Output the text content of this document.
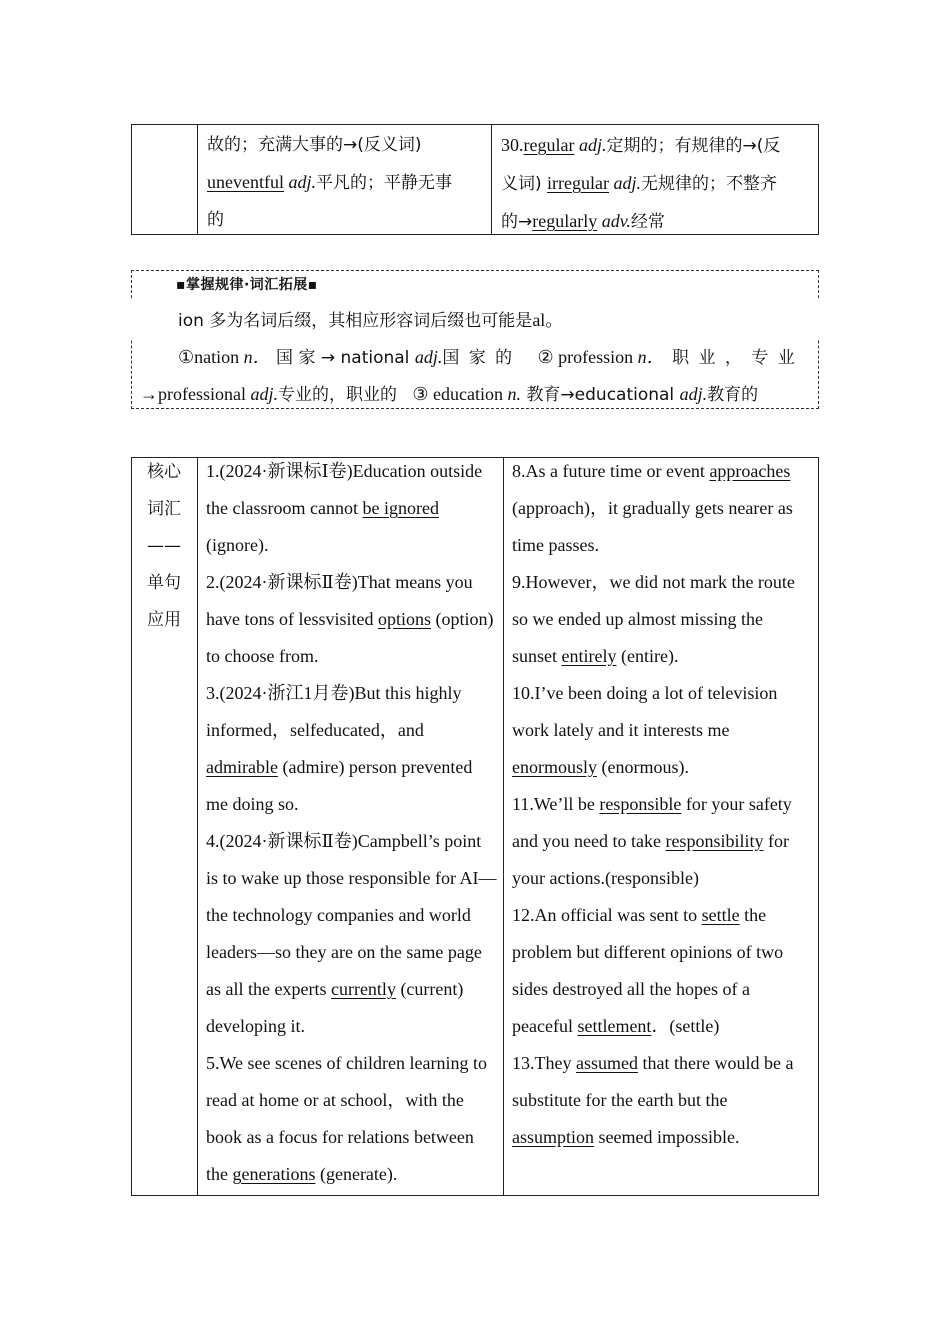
故的；充满大事的→(反义词)
uneventful adj.平凡的；平静无事
的
30.regular adj.定期的；有规律的→(反
义词) irregular adj.无规律的；不整齐
的→regularly adv.经常
▪掌握规律·词汇拓展▪
ion 多为名词后缀，其相应形容词后缀也可能是al。
①nation n． 国 家 → national adj.国 家 的 ② profession n． 职 业 ， 专 业
→professional adj.专业的，职业的 ③ education n. 教育→educational adj.教育的
核心
词汇
——
单句
应用

1.(2024·新课标Ⅰ卷)Education outside the classroom cannot be ignored (ignore).

2.(2024·新课标Ⅱ卷)That means you have tons of lessvisited options (option) to choose from.

3.(2024·浙江1月卷)But this highly informed，selfeducated，and admirable (admire) person prevented me doing so.

4.(2024·新课标Ⅱ卷)Campbell’s point is to wake up those responsible for AI—the technology companies and world leaders—so they are on the same page as all the experts currently (current) developing it.

5.We see scenes of children learning to read at home or at school，with the book as a focus for relations between the generations (generate).

8.As a future time or event approaches (approach)，it gradually gets nearer as time passes.

9.However，we did not mark the route so we ended up almost missing the sunset entirely (entire).

10.I’ve been doing a lot of television work lately and it interests me enormously (enormous).

11.We’ll be responsible for your safety and you need to take responsibility for your actions.(responsible)

12.An official was sent to settle the problem but different opinions of two sides destroyed all the hopes of a peaceful settlement．(settle)

13.They assumed that there would be a substitute for the earth but the assumption seemed impossible.
